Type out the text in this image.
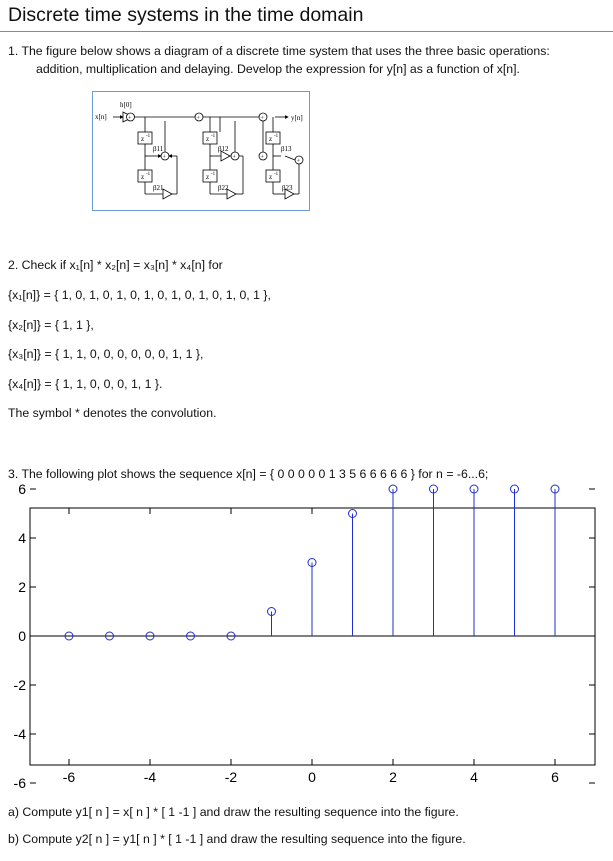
Discrete time systems in the time domain
1. The figure below shows a diagram of a discrete time system that uses the three basic operations:
addition, multiplication and delaying. Develop the expression for y[n] as a function of x[n].
x[n]	y[n]
h[0]
z	z	z
z	z	z
-1	-1	-1
-1	-1	-1
β11	β12	β13
β21	β22	β23
+	+	+
+	+	+
+
2. Check if x₁[n] * x₂[n] = x₃[n] * x₄[n] for
{x₁[n]} = { 1, 0, 1, 0, 1, 0, 1, 0, 1, 0, 1, 0, 1, 0, 1 },
{x₂[n]} = { 1, 1 },
{x₃[n]} = { 1, 1, 0, 0, 0, 0, 0, 0, 1, 1 },
{x₄[n]} = { 1, 1, 0, 0, 0, 1, 1 }.
The symbol * denotes the convolution.
3. The following plot shows the sequence x[n] = { 0 0 0 0 0 1 3 5 6 6 6 6 6 } for n = -6...6;
6
4
2
0
-2
-4
-6	-6	-4	-2	0	2	4	6
a) Compute y1[ n ] = x[ n ] * [ 1 -1 ] and draw the resulting sequence into the figure.
b) Compute y2[ n ] = y1[ n ] * [ 1 -1 ] and draw the resulting sequence into the figure.
